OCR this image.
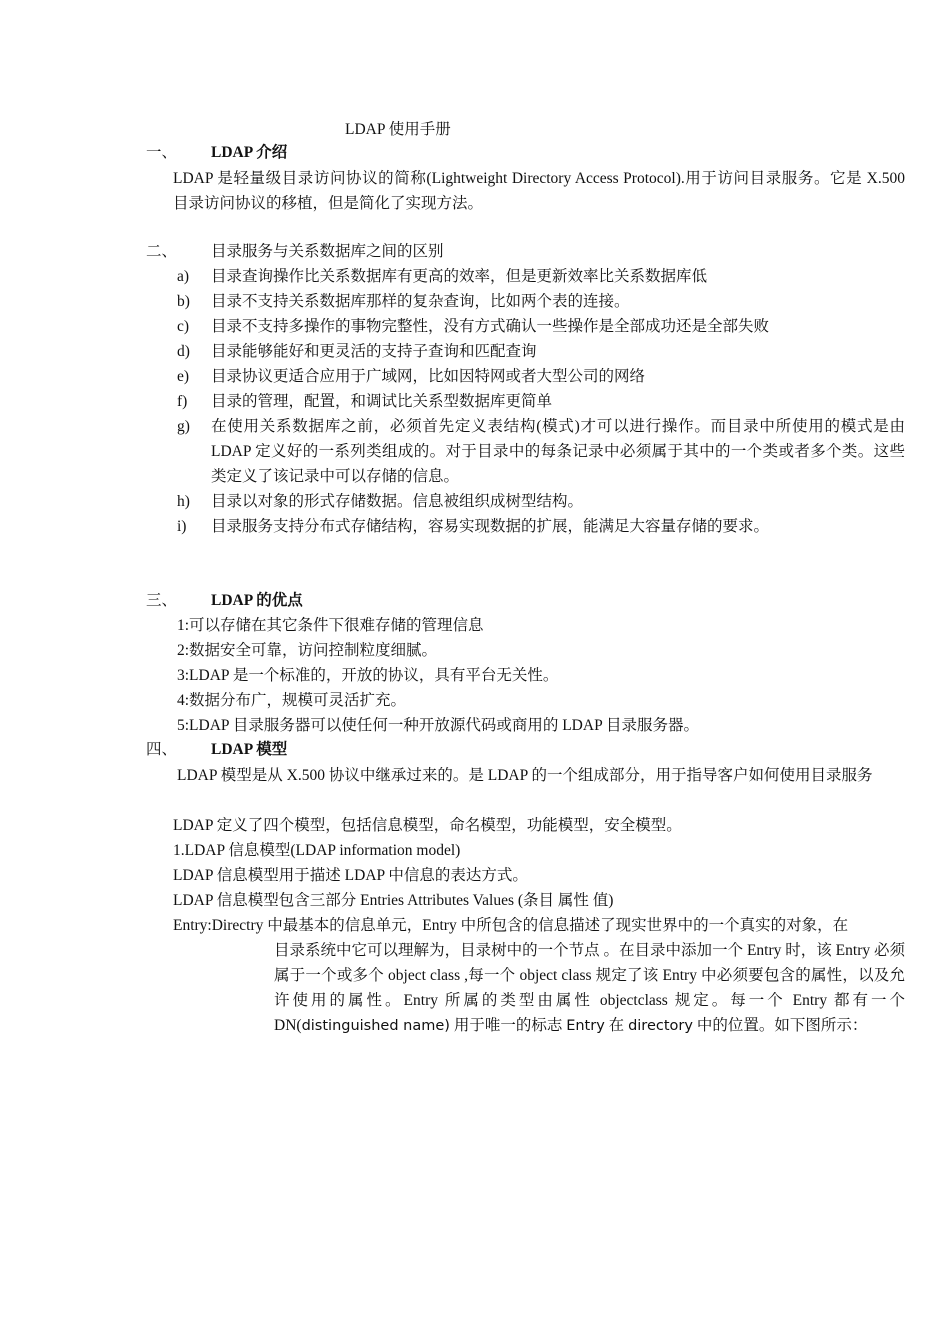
LDAP 使用手册
一、 LDAP 介绍
LDAP 是轻量级目录访问协议的简称(Lightweight Directory Access Protocol).用于访问目录服务。它是 X.500 目录访问协议的移植，但是简化了实现方法。
二、 目录服务与关系数据库之间的区别
a) 目录查询操作比关系数据库有更高的效率，但是更新效率比关系数据库低
b) 目录不支持关系数据库那样的复杂查询，比如两个表的连接。
c) 目录不支持多操作的事物完整性，没有方式确认一些操作是全部成功还是全部失败
d) 目录能够能好和更灵活的支持子查询和匹配查询
e) 目录协议更适合应用于广域网，比如因特网或者大型公司的网络
f) 目录的管理，配置，和调试比关系型数据库更简单
g) 在使用关系数据库之前，必须首先定义表结构(模式)才可以进行操作。而目录中所使用的模式是由 LDAP 定义好的一系列类组成的。对于目录中的每条记录中必须属于其中的一个类或者多个类。这些类定义了该记录中可以存储的信息。
h) 目录以对象的形式存储数据。信息被组织成树型结构。
i) 目录服务支持分布式存储结构，容易实现数据的扩展，能满足大容量存储的要求。
三、 LDAP 的优点
1:可以存储在其它条件下很难存储的管理信息
2:数据安全可靠，访问控制粒度细腻。
3:LDAP 是一个标准的，开放的协议，具有平台无关性。
4:数据分布广，规模可灵活扩充。
5:LDAP 目录服务器可以使任何一种开放源代码或商用的 LDAP 目录服务器。
四、 LDAP 模型
LDAP 模型是从 X.500 协议中继承过来的。是 LDAP 的一个组成部分，用于指导客户如何使用目录服务
LDAP 定义了四个模型，包括信息模型，命名模型，功能模型，安全模型。
1.LDAP 信息模型(LDAP information model)
LDAP 信息模型用于描述 LDAP 中信息的表达方式。
LDAP 信息模型包含三部分 Entries Attributes Values (条目 属性 值)
Entry:Directry 中最基本的信息单元，Entry 中所包含的信息描述了现实世界中的一个真实的对象，在
目录系统中它可以理解为，目录树中的一个节点 。在目录中添加一个 Entry 时，该 Entry 必须属于一个或多个 object class ,每一个 object class 规定了该 Entry 中必须要包含的属性，以及允许使用的属性。Entry 所属的类型由属性 objectclass 规定。每一个 Entry 都有一个 DN(distinguished name) 用于唯一的标志 Entry 在 directory 中的位置。如下图所示：
